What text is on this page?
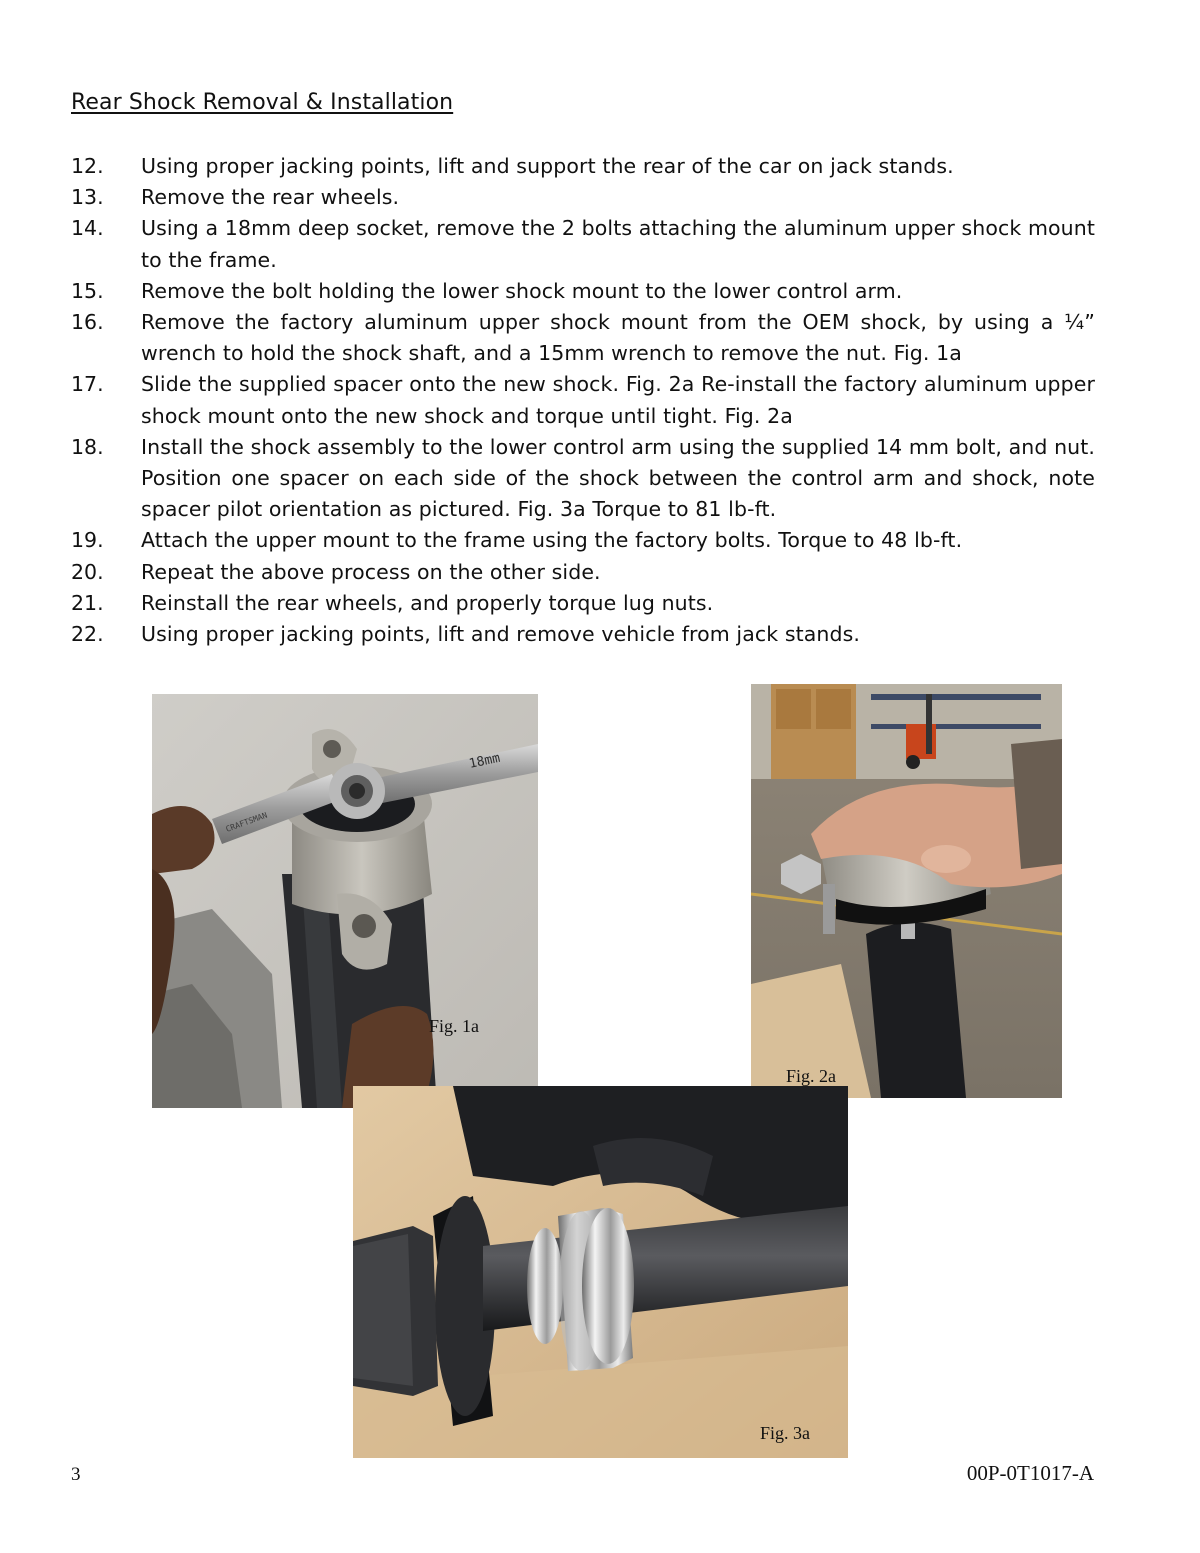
Rear Shock Removal & Installation
12.	Using proper jacking points, lift and support the rear of the car on jack stands.
13.	Remove the rear wheels.
14.	Using a 18mm deep socket, remove the 2 bolts attaching the aluminum upper shock mount to the frame.
15.	Remove the bolt holding the lower shock mount to the lower control arm.
16.	Remove the factory aluminum upper shock mount from the OEM shock, by using a ¼” wrench to hold the shock shaft, and a 15mm wrench to remove the nut. Fig. 1a
17.	Slide the supplied spacer onto the new shock. Fig. 2a Re-install the factory aluminum upper shock mount onto the new shock and torque until tight. Fig. 2a
18.	Install the shock assembly to the lower control arm using the supplied 14 mm bolt, and nut. Position one spacer on each side of the shock between the control arm and shock, note spacer pilot orientation as pictured. Fig. 3a Torque to 81 lb-ft.
19.	Attach the upper mount to the frame using the factory bolts. Torque to 48 lb-ft.
20.	Repeat the above process on the other side.
21.	Reinstall the rear wheels, and properly torque lug nuts.
22.	Using proper jacking points, lift and remove vehicle from jack stands.
18mm
CRAFTSMAN
Fig. 1a
Fig. 2a
Fig. 3a
3	00P-0T1017-A
